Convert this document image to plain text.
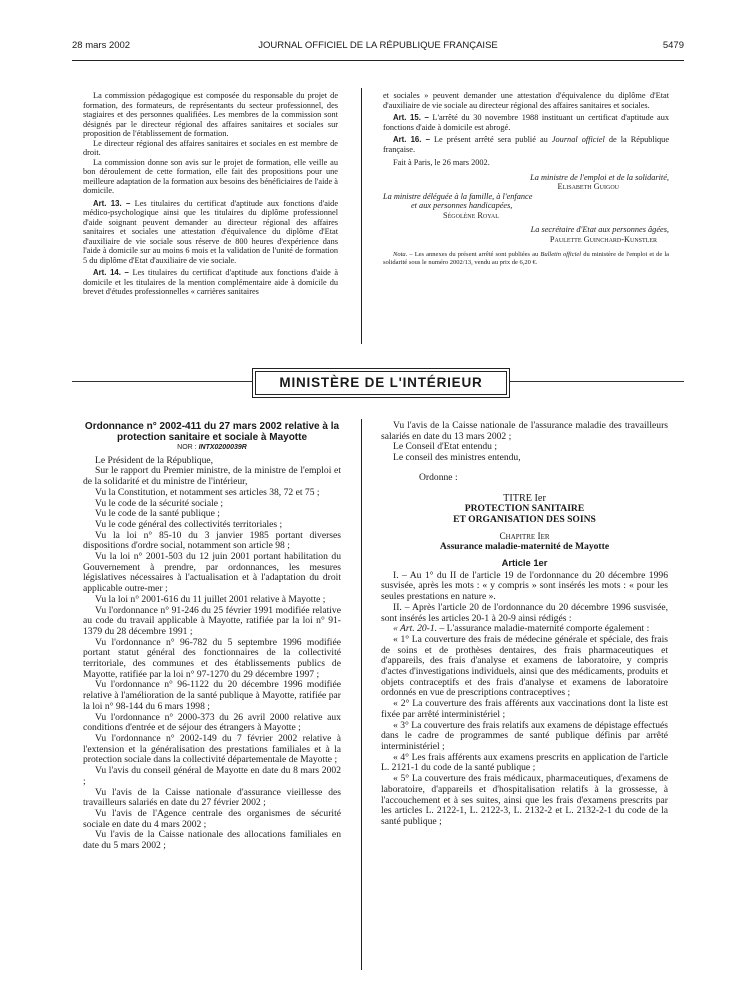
28 mars 2002	JOURNAL OFFICIEL DE LA RÉPUBLIQUE FRANÇAISE	5479

La commission pédagogique est composée du responsable du projet de formation, des formateurs, de représentants du secteur professionnel, des stagiaires et des personnes qualifiées. Les membres de la commission sont désignés par le directeur régional des affaires sanitaires et sociales sur proposition de l'établissement de formation.

Le directeur régional des affaires sanitaires et sociales en est membre de droit.

La commission donne son avis sur le projet de formation, elle veille au bon déroulement de cette formation, elle fait des propositions pour une meilleure adaptation de la formation aux besoins des bénéficiaires de l'aide à domicile.

Art. 13. – Les titulaires du certificat d'aptitude aux fonctions d'aide médico-psychologique ainsi que les titulaires du diplôme professionnel d'aide soignant peuvent demander au directeur régional des affaires sanitaires et sociales une attestation d'équivalence du diplôme d'Etat d'auxiliaire de vie sociale sous réserve de 800 heures d'expérience dans l'aide à domicile sur au moins 6 mois et la validation de l'unité de formation 5 du diplôme d'Etat d'auxiliaire de vie sociale.

Art. 14. – Les titulaires du certificat d'aptitude aux fonctions d'aide à domicile et les titulaires de la mention complémentaire aide à domicile du brevet d'études professionnelles « carrières sanitaires

et sociales » peuvent demander une attestation d'équivalence du diplôme d'Etat d'auxiliaire de vie sociale au directeur régional des affaires sanitaires et sociales.

Art. 15. – L'arrêté du 30 novembre 1988 instituant un certificat d'aptitude aux fonctions d'aide à domicile est abrogé.

Art. 16. – Le présent arrêté sera publié au Journal officiel de la République française.

Fait à Paris, le 26 mars 2002.

La ministre de l'emploi et de la solidarité,

Elisabeth Guigou

La ministre déléguée à la famille, à l'enfance

et aux personnes handicapées,

Ségolène Royal

La secrétaire d'Etat aux personnes âgées,

Paulette Guinchard-Kunstler

Nota. – Les annexes du présent arrêté sont publiées au Bulletin officiel du ministère de l'emploi et de la solidarité sous le numéro 2002/13, vendu au prix de 6,20 €.

MINISTÈRE DE L'INTÉRIEUR

Ordonnance n° 2002-411 du 27 mars 2002 relative à la protection sanitaire et sociale à Mayotte

NOR : INTX0200039R

Le Président de la République,

Sur le rapport du Premier ministre, de la ministre de l'emploi et de la solidarité et du ministre de l'intérieur,

Vu la Constitution, et notamment ses articles 38, 72 et 75 ;

Vu le code de la sécurité sociale ;

Vu le code de la santé publique ;

Vu le code général des collectivités territoriales ;

Vu la loi n° 85-10 du 3 janvier 1985 portant diverses dispositions d'ordre social, notamment son article 98 ;

Vu la loi n° 2001-503 du 12 juin 2001 portant habilitation du Gouvernement à prendre, par ordonnances, les mesures législatives nécessaires à l'actualisation et à l'adaptation du droit applicable outre-mer ;

Vu la loi n° 2001-616 du 11 juillet 2001 relative à Mayotte ;

Vu l'ordonnance n° 91-246 du 25 février 1991 modifiée relative au code du travail applicable à Mayotte, ratifiée par la loi n° 91-1379 du 28 décembre 1991 ;

Vu l'ordonnance n° 96-782 du 5 septembre 1996 modifiée portant statut général des fonctionnaires de la collectivité territoriale, des communes et des établissements publics de Mayotte, ratifiée par la loi n° 97-1270 du 29 décembre 1997 ;

Vu l'ordonnance n° 96-1122 du 20 décembre 1996 modifiée relative à l'amélioration de la santé publique à Mayotte, ratifiée par la loi n° 98-144 du 6 mars 1998 ;

Vu l'ordonnance n° 2000-373 du 26 avril 2000 relative aux conditions d'entrée et de séjour des étrangers à Mayotte ;

Vu l'ordonnance n° 2002-149 du 7 février 2002 relative à l'extension et la généralisation des prestations familiales et à la protection sociale dans la collectivité départementale de Mayotte ;

Vu l'avis du conseil général de Mayotte en date du 8 mars 2002 ;

Vu l'avis de la Caisse nationale d'assurance vieillesse des travailleurs salariés en date du 27 février 2002 ;

Vu l'avis de l'Agence centrale des organismes de sécurité sociale en date du 4 mars 2002 ;

Vu l'avis de la Caisse nationale des allocations familiales en date du 5 mars 2002 ;

Vu l'avis de la Caisse nationale de l'assurance maladie des travailleurs salariés en date du 13 mars 2002 ;

Le Conseil d'Etat entendu ;

Le conseil des ministres entendu,

Ordonne :

TITRE Ier

PROTECTION SANITAIRE

ET ORGANISATION DES SOINS

Chapitre Ier

Assurance maladie-maternité de Mayotte

Article 1er

I. – Au 1° du II de l'article 19 de l'ordonnance du 20 décembre 1996 susvisée, après les mots : « y compris » sont insérés les mots : « pour les seules prestations en nature ».

II. – Après l'article 20 de l'ordonnance du 20 décembre 1996 susvisée, sont insérés les articles 20-1 à 20-9 ainsi rédigés :

« Art. 20-1. – L'assurance maladie-maternité comporte également :

« 1° La couverture des frais de médecine générale et spéciale, des frais de soins et de prothèses dentaires, des frais pharmaceutiques et d'appareils, des frais d'analyse et examens de laboratoire, y compris d'actes d'investigations individuels, ainsi que des médicaments, produits et objets contraceptifs et des frais d'analyse et examens de laboratoire ordonnés en vue de prescriptions contraceptives ;

« 2° La couverture des frais afférents aux vaccinations dont la liste est fixée par arrêté interministériel ;

« 3° La couverture des frais relatifs aux examens de dépistage effectués dans le cadre de programmes de santé publique définis par arrêté interministériel ;

« 4° Les frais afférents aux examens prescrits en application de l'article L. 2121-1 du code de la santé publique ;

« 5° La couverture des frais médicaux, pharmaceutiques, d'examens de laboratoire, d'appareils et d'hospitalisation relatifs à la grossesse, à l'accouchement et à ses suites, ainsi que les frais d'examens prescrits par les articles L. 2122-1, L. 2122-3, L. 2132-2 et L. 2132-2-1 du code de la santé publique ;
